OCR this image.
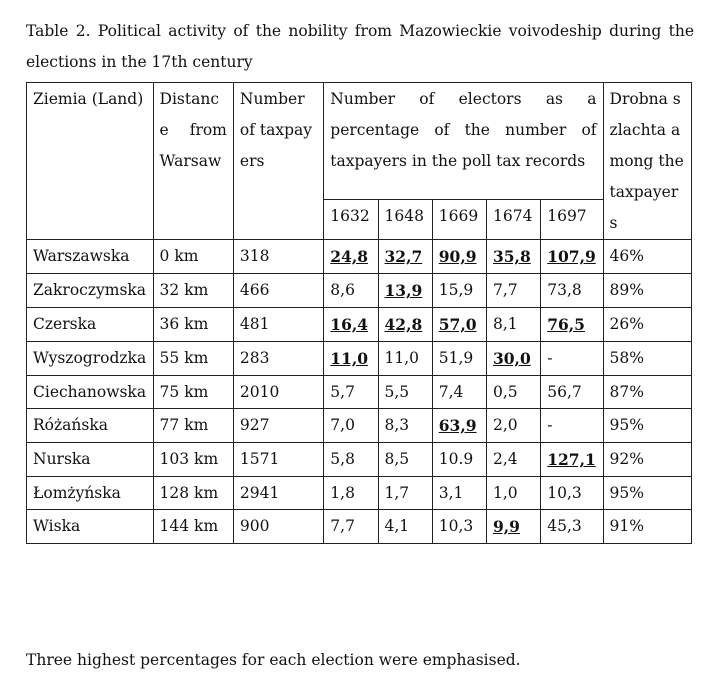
Table 2. Political activity of the nobility from Mazowieckie voivodeship during the elections in the 17th century
Ziemia (Land)	Distance from Warsaw	Number of taxpayers	Number of electors as a percentage of the number of taxpayers in the poll tax records					Drobna szlachta among the taxpayers
			1632	1648	1669	1674	1697	
Warszawska	0 km	318	24,8	32,7	90,9	35,8	107,9	46%
Zakroczymska	32 km	466	8,6	13,9	15,9	7,7	73,8	89%
Czerska	36 km	481	16,4	42,8	57,0	8,1	76,5	26%
Wyszogrodzka	55 km	283	11,0	11,0	51,9	30,0	-	58%
Ciechanowska	75 km	2010	5,7	5,5	7,4	0,5	56,7	87%
Różańska	77 km	927	7,0	8,3	63,9	2,0	-	95%
Nurska	103 km	1571	5,8	8,5	10.9	2,4	127,1	92%
Łomżyńska	128 km	2941	1,8	1,7	3,1	1,0	10,3	95%
Wiska	144 km	900	7,7	4,1	10,3	9,9	45,3	91%
Three highest percentages for each election were emphasised.
